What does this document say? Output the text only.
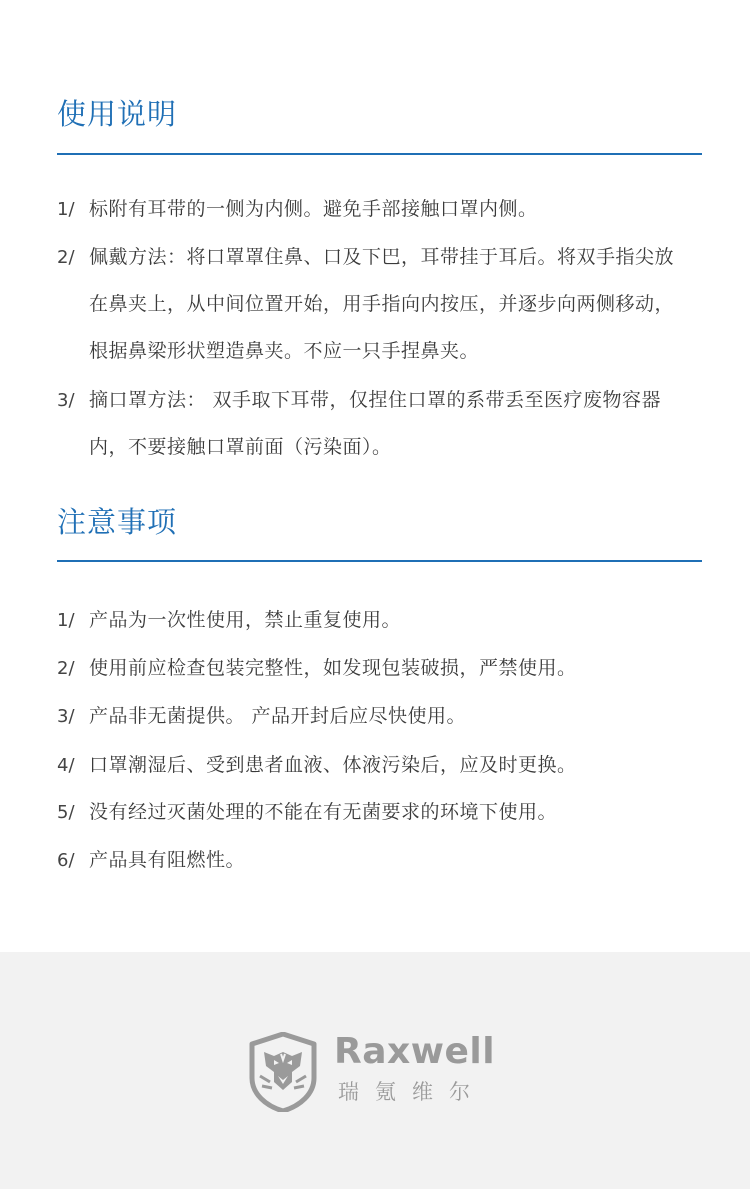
使用说明
1/ 标附有耳带的一侧为内侧。避免手部接触口罩内侧。
2/ 佩戴方法：将口罩罩住鼻、口及下巴，耳带挂于耳后。将双手指尖放在鼻夹上，从中间位置开始，用手指向内按压，并逐步向两侧移动，根据鼻梁形状塑造鼻夹。不应一只手捏鼻夹。
3/ 摘口罩方法： 双手取下耳带，仅捏住口罩的系带丢至医疗废物容器内，不要接触口罩前面（污染面）。
注意事项
1/ 产品为一次性使用，禁止重复使用。
2/ 使用前应检查包装完整性，如发现包装破损，严禁使用。
3/ 产品非无菌提供。 产品开封后应尽快使用。
4/ 口罩潮湿后、受到患者血液、体液污染后，应及时更换。
5/ 没有经过灭菌处理的不能在有无菌要求的环境下使用。
6/ 产品具有阻燃性。
Raxwell
瑞氪维尔
